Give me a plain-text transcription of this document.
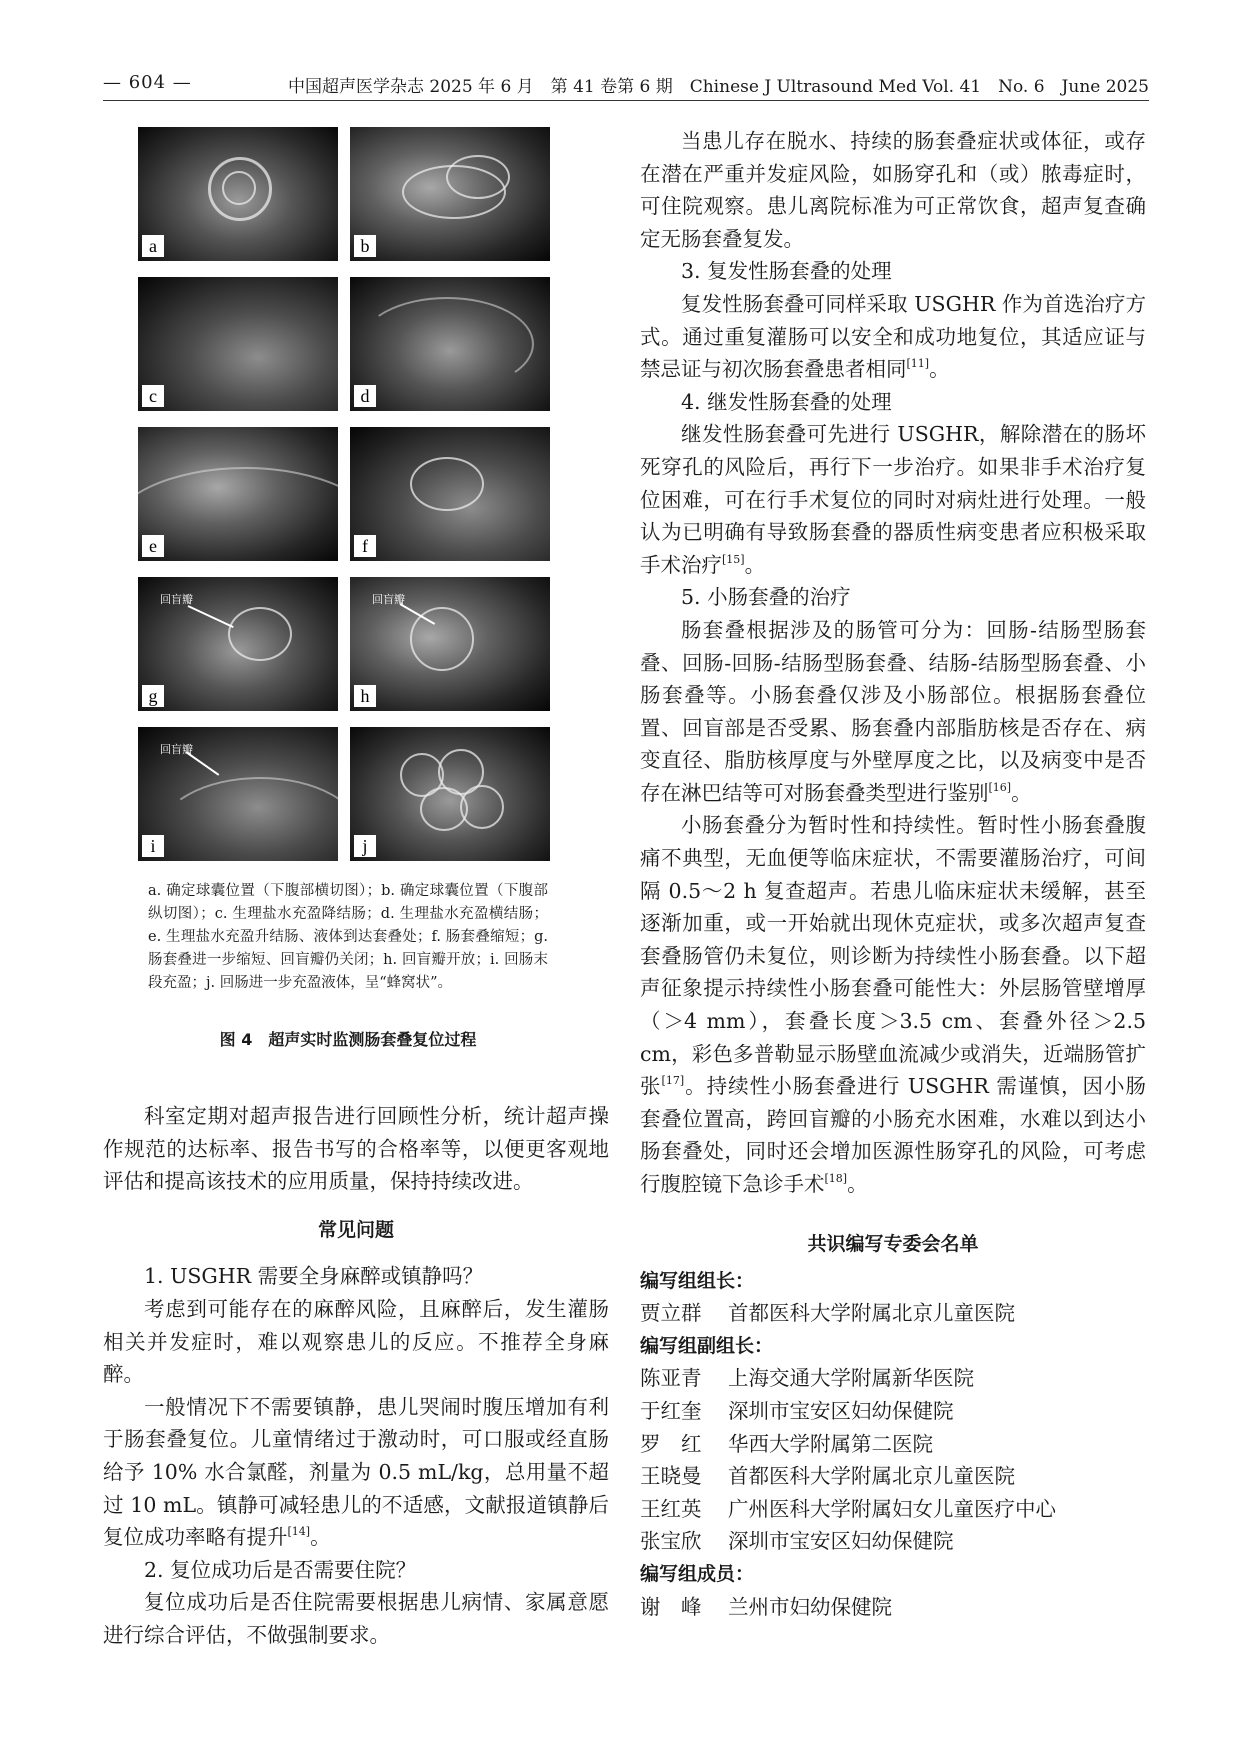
— 604 —	中国超声医学杂志 2025 年 6 月　第 41 卷第 6 期　Chinese J Ultrasound Med Vol. 41　No. 6　June 2025
a	b
c	d
e	f
回盲瓣
g
回盲瓣
h
回盲瓣
i	j
a. 确定球囊位置（下腹部横切图）；b. 确定球囊位置（下腹部纵切图）；c. 生理盐水充盈降结肠；d. 生理盐水充盈横结肠；e. 生理盐水充盈升结肠、液体到达套叠处；f. 肠套叠缩短；g. 肠套叠进一步缩短、回盲瓣仍关闭；h. 回盲瓣开放；i. 回肠末段充盈；j. 回肠进一步充盈液体，呈“蜂窝状”。
图 4 超声实时监测肠套叠复位过程

科室定期对超声报告进行回顾性分析，统计超声操作规范的达标率、报告书写的合格率等，以便更客观地评估和提高该技术的应用质量，保持持续改进。

常见问题

1. USGHR 需要全身麻醉或镇静吗？

考虑到可能存在的麻醉风险，且麻醉后，发生灌肠相关并发症时，难以观察患儿的反应。不推荐全身麻醉。

一般情况下不需要镇静，患儿哭闹时腹压增加有利于肠套叠复位。儿童情绪过于激动时，可口服或经直肠给予 10% 水合氯醛，剂量为 0.5 mL/kg，总用量不超过 10 mL。镇静可减轻患儿的不适感，文献报道镇静后复位成功率略有提升[14]。

2. 复位成功后是否需要住院？

复位成功后是否住院需要根据患儿病情、家属意愿进行综合评估，不做强制要求。

当患儿存在脱水、持续的肠套叠症状或体征，或存在潜在严重并发症风险，如肠穿孔和（或）脓毒症时，可住院观察。患儿离院标准为可正常饮食，超声复查确定无肠套叠复发。

3. 复发性肠套叠的处理

复发性肠套叠可同样采取 USGHR 作为首选治疗方式。通过重复灌肠可以安全和成功地复位，其适应证与禁忌证与初次肠套叠患者相同[11]。

4. 继发性肠套叠的处理

继发性肠套叠可先进行 USGHR，解除潜在的肠坏死穿孔的风险后，再行下一步治疗。如果非手术治疗复位困难，可在行手术复位的同时对病灶进行处理。一般认为已明确有导致肠套叠的器质性病变患者应积极采取手术治疗[15]。

5. 小肠套叠的治疗

肠套叠根据涉及的肠管可分为：回肠-结肠型肠套叠、回肠-回肠-结肠型肠套叠、结肠-结肠型肠套叠、小肠套叠等。小肠套叠仅涉及小肠部位。根据肠套叠位置、回盲部是否受累、肠套叠内部脂肪核是否存在、病变直径、脂肪核厚度与外壁厚度之比，以及病变中是否存在淋巴结等可对肠套叠类型进行鉴别[16]。

小肠套叠分为暂时性和持续性。暂时性小肠套叠腹痛不典型，无血便等临床症状，不需要灌肠治疗，可间隔 0.5～2 h 复查超声。若患儿临床症状未缓解，甚至逐渐加重，或一开始就出现休克症状，或多次超声复查套叠肠管仍未复位，则诊断为持续性小肠套叠。以下超声征象提示持续性小肠套叠可能性大：外层肠管壁增厚（＞4 mm），套叠长度＞3.5 cm、套叠外径＞2.5 cm，彩色多普勒显示肠壁血流减少或消失，近端肠管扩张[17]。持续性小肠套叠进行 USGHR 需谨慎，因小肠套叠位置高，跨回盲瓣的小肠充水困难，水难以到达小肠套叠处，同时还会增加医源性肠穿孔的风险，可考虑行腹腔镜下急诊手术[18]。

共识编写专委会名单
编写组组长：
贾立群 首都医科大学附属北京儿童医院
编写组副组长：
陈亚青 上海交通大学附属新华医院
于红奎 深圳市宝安区妇幼保健院
罗　红 华西大学附属第二医院
王晓曼 首都医科大学附属北京儿童医院
王红英 广州医科大学附属妇女儿童医疗中心
张宝欣 深圳市宝安区妇幼保健院
编写组成员：
谢　峰 兰州市妇幼保健院
